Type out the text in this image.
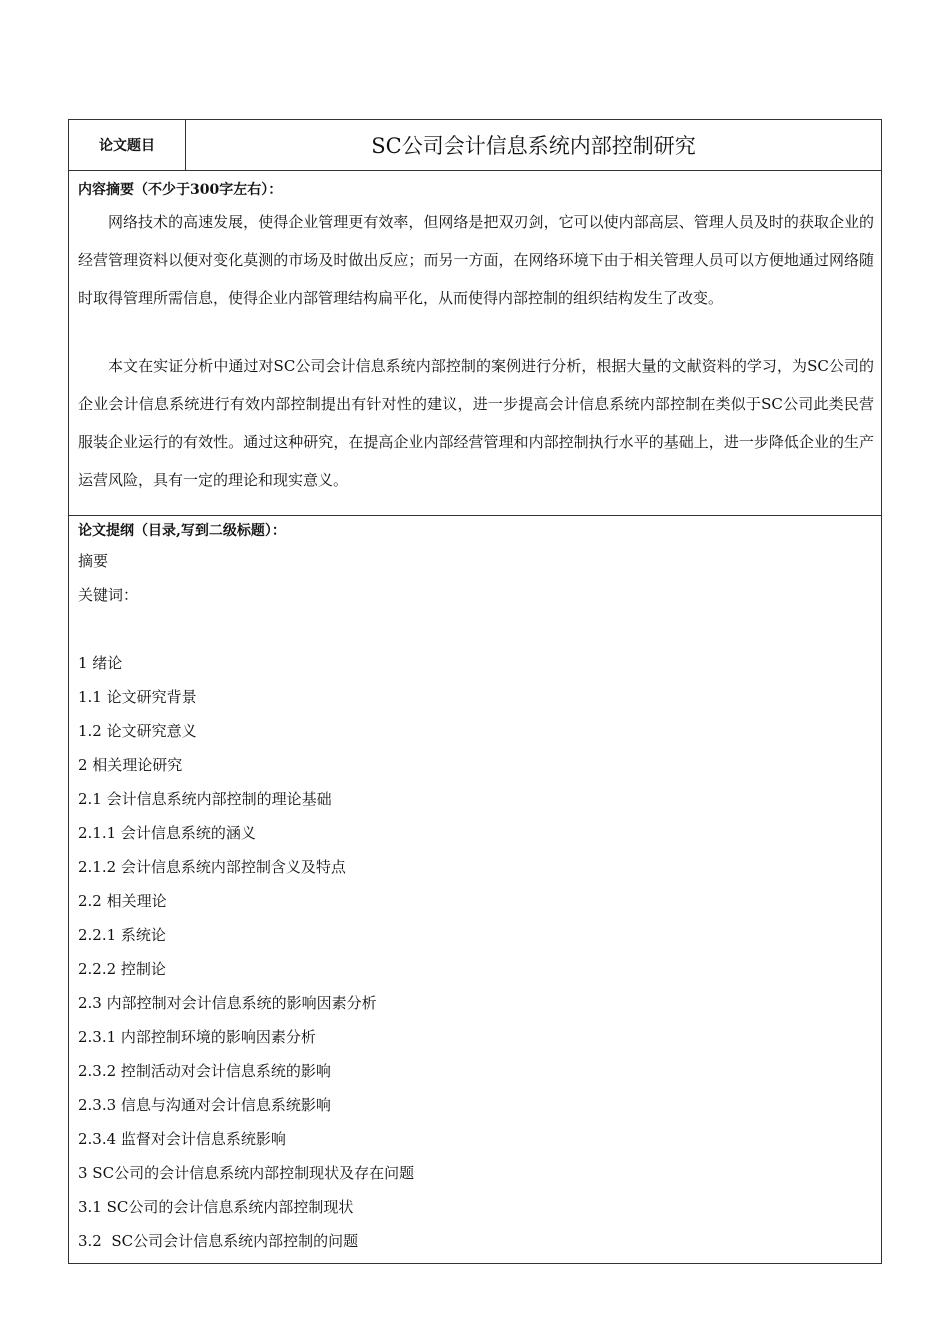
论文题目	SC公司会计信息系统内部控制研究
内容摘要（不少于300字左右）：

网络技术的高速发展，使得企业管理更有效率，但网络是把双刃剑，它可以使内部高层、管理人员及时的获取企业的经营管理资料以便对变化莫测的市场及时做出反应；而另一方面，在网络环境下由于相关管理人员可以方便地通过网络随时取得管理所需信息，使得企业内部管理结构扁平化，从而使得内部控制的组织结构发生了改变。

本文在实证分析中通过对SC公司会计信息系统内部控制的案例进行分析，根据大量的文献资料的学习，为SC公司的企业会计信息系统进行有效内部控制提出有针对性的建议，进一步提高会计信息系统内部控制在类似于SC公司此类民营服装企业运行的有效性。通过这种研究，在提高企业内部经营管理和内部控制执行水平的基础上，进一步降低企业的生产运营风险，具有一定的理论和现实意义。

论文提纲（目录,写到二级标题）：
摘要
关键词：
1 绪论
1.1 论文研究背景
1.2 论文研究意义
2 相关理论研究
2.1 会计信息系统内部控制的理论基础
2.1.1 会计信息系统的涵义
2.1.2 会计信息系统内部控制含义及特点
2.2 相关理论
2.2.1 系统论
2.2.2 控制论
2.3 内部控制对会计信息系统的影响因素分析
2.3.1 内部控制环境的影响因素分析
2.3.2 控制活动对会计信息系统的影响
2.3.3 信息与沟通对会计信息系统影响
2.3.4 监督对会计信息系统影响
3 SC公司的会计信息系统内部控制现状及存在问题
3.1 SC公司的会计信息系统内部控制现状
3.2  SC公司会计信息系统内部控制的问题
